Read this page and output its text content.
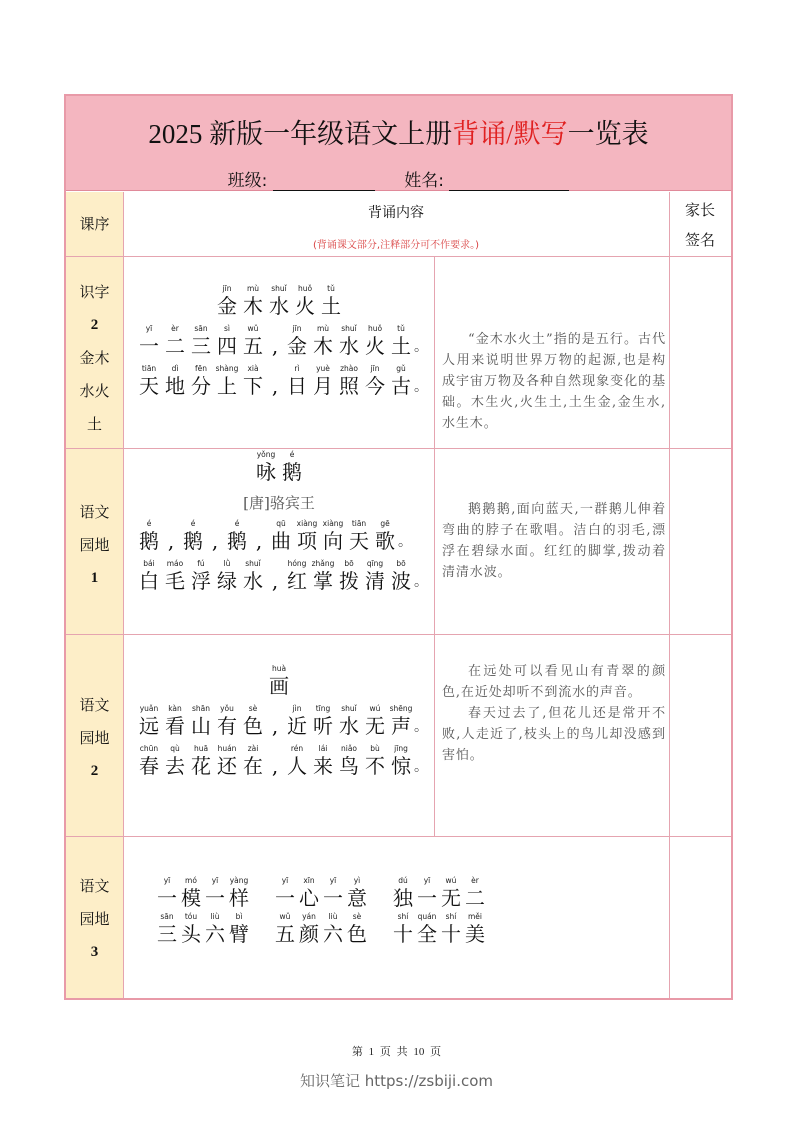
2025 新版一年级语文上册背诵/默写一览表
班级:	姓名:
课序
背诵内容
(背诵课文部分,注释部分可不作要求。)
家长
签名
识字
2
金木
水火
土
语文
园地
1
语文
园地
2
语文
园地
3
jīn
金
mù
木
shuǐ
水
huǒ
火
tǔ
土
yī
一
èr
二
sān
三
sì
四
wǔ
五 ,
jīn
金
mù
木
shuǐ
水
huǒ
火
tǔ
土 。
tiān
天
dì
地
fēn
分
shàng
上
xià
下 ,
rì
日
yuè
月
zhào
照
jīn
今
gǔ
古 。
yǒng
咏
é
鹅
[唐]骆宾王
é
鹅 ,
é
鹅 ,
é
鹅 ,
qū
曲
xiàng
项
xiàng
向
tiān
天
gē
歌 。
bái
白
máo
毛
fú
浮
lǜ
绿
shuǐ
水 ,
hóng
红
zhǎng
掌
bō
拨
qīng
清
bō
波 。
huà
画
yuǎn
远
kàn
看
shān
山
yǒu
有
sè
色 ,
jìn
近
tīng
听
shuǐ
水
wú
无
shēng
声 。
chūn
春
qù
去
huā
花
huán
还
zài
在 ,
rén
人
lái
来
niǎo
鸟
bù
不
jīng
惊 。

“金木水火土”指的是五行。古代人用来说明世界万物的起源,也是构成宇宙万物及各种自然现象变化的基础。木生火,火生土,土生金,金生水,水生木。

鹅鹅鹅,面向蓝天,一群鹅儿伸着弯曲的脖子在歌唱。洁白的羽毛,漂浮在碧绿水面。红红的脚掌,拨动着清清水波。

在远处可以看见山有青翠的颜色,在近处却听不到流水的声音。

春天过去了,但花儿还是常开不败,人走近了,枝头上的鸟儿却没感到害怕。

yī
一
mó
模
yī
一
yàng
样
yī
一
xīn
心
yī
一
yì
意
dú
独
yī
一
wú
无
èr
二
sān
三
tóu
头
liù
六
bì
臂
wǔ
五
yán
颜
liù
六
sè
色
shí
十
quán
全
shí
十
měi
美
第 1 页 共 10 页
知识笔记 https://zsbiji.com
